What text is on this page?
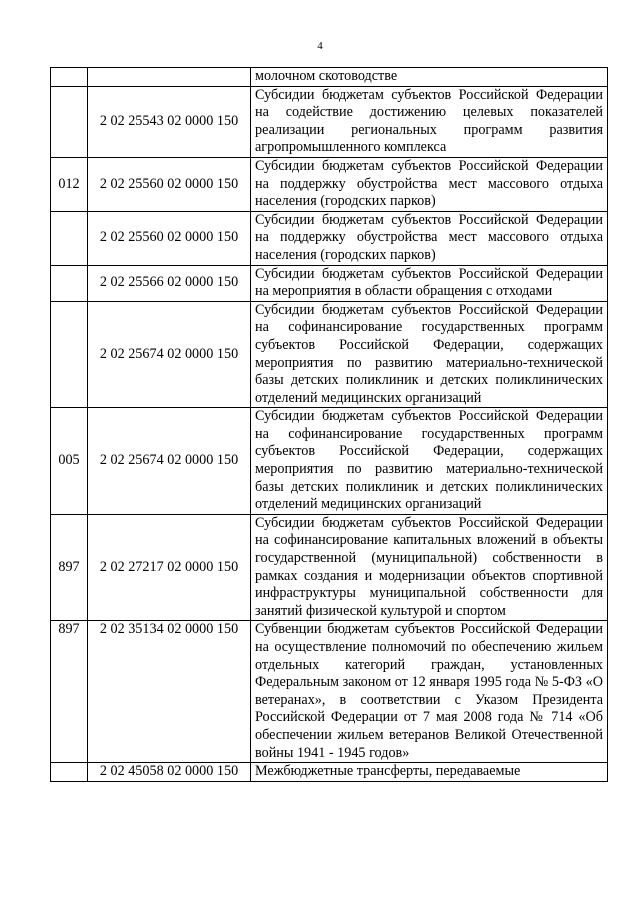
4
		молочном скотоводстве
	2 02 25543 02 0000 150	Субсидии бюджетам субъектов Российской Федерации на содействие достижению целевых показателей реализации региональных программ развития агропромышленного комплекса
012	2 02 25560 02 0000 150	Субсидии бюджетам субъектов Российской Федерации на поддержку обустройства мест массового отдыха населения (городских парков)
	2 02 25560 02 0000 150	Субсидии бюджетам субъектов Российской Федерации на поддержку обустройства мест массового отдыха населения (городских парков)
	2 02 25566 02 0000 150	Субсидии бюджетам субъектов Российской Федерации на мероприятия в области обращения с отходами
	2 02 25674 02 0000 150	Субсидии бюджетам субъектов Российской Федерации на софинансирование государственных программ субъектов Российской Федерации, содержащих мероприятия по развитию материально-технической базы детских поликлиник и детских поликлинических отделений медицинских организаций
005	2 02 25674 02 0000 150	Субсидии бюджетам субъектов Российской Федерации на софинансирование государственных программ субъектов Российской Федерации, содержащих мероприятия по развитию материально-технической базы детских поликлиник и детских поликлинических отделений медицинских организаций
897	2 02 27217 02 0000 150	Субсидии бюджетам субъектов Российской Федерации на софинансирование капитальных вложений в объекты государственной (муниципальной) собственности в рамках создания и модернизации объектов спортивной инфраструктуры муниципальной собственности для занятий физической культурой и спортом
897	2 02 35134 02 0000 150	Субвенции бюджетам субъектов Российской Федерации на осуществление полномочий по обеспечению жильем отдельных категорий граждан, установленных Федеральным законом от 12 января 1995 года № 5-ФЗ «О ветеранах», в соответствии с Указом Президента Российской Федерации от 7 мая 2008 года № 714 «Об обеспечении жильем ветеранов Великой Отечественной войны 1941 - 1945 годов»
	2 02 45058 02 0000 150	Межбюджетные трансферты, передаваемые
